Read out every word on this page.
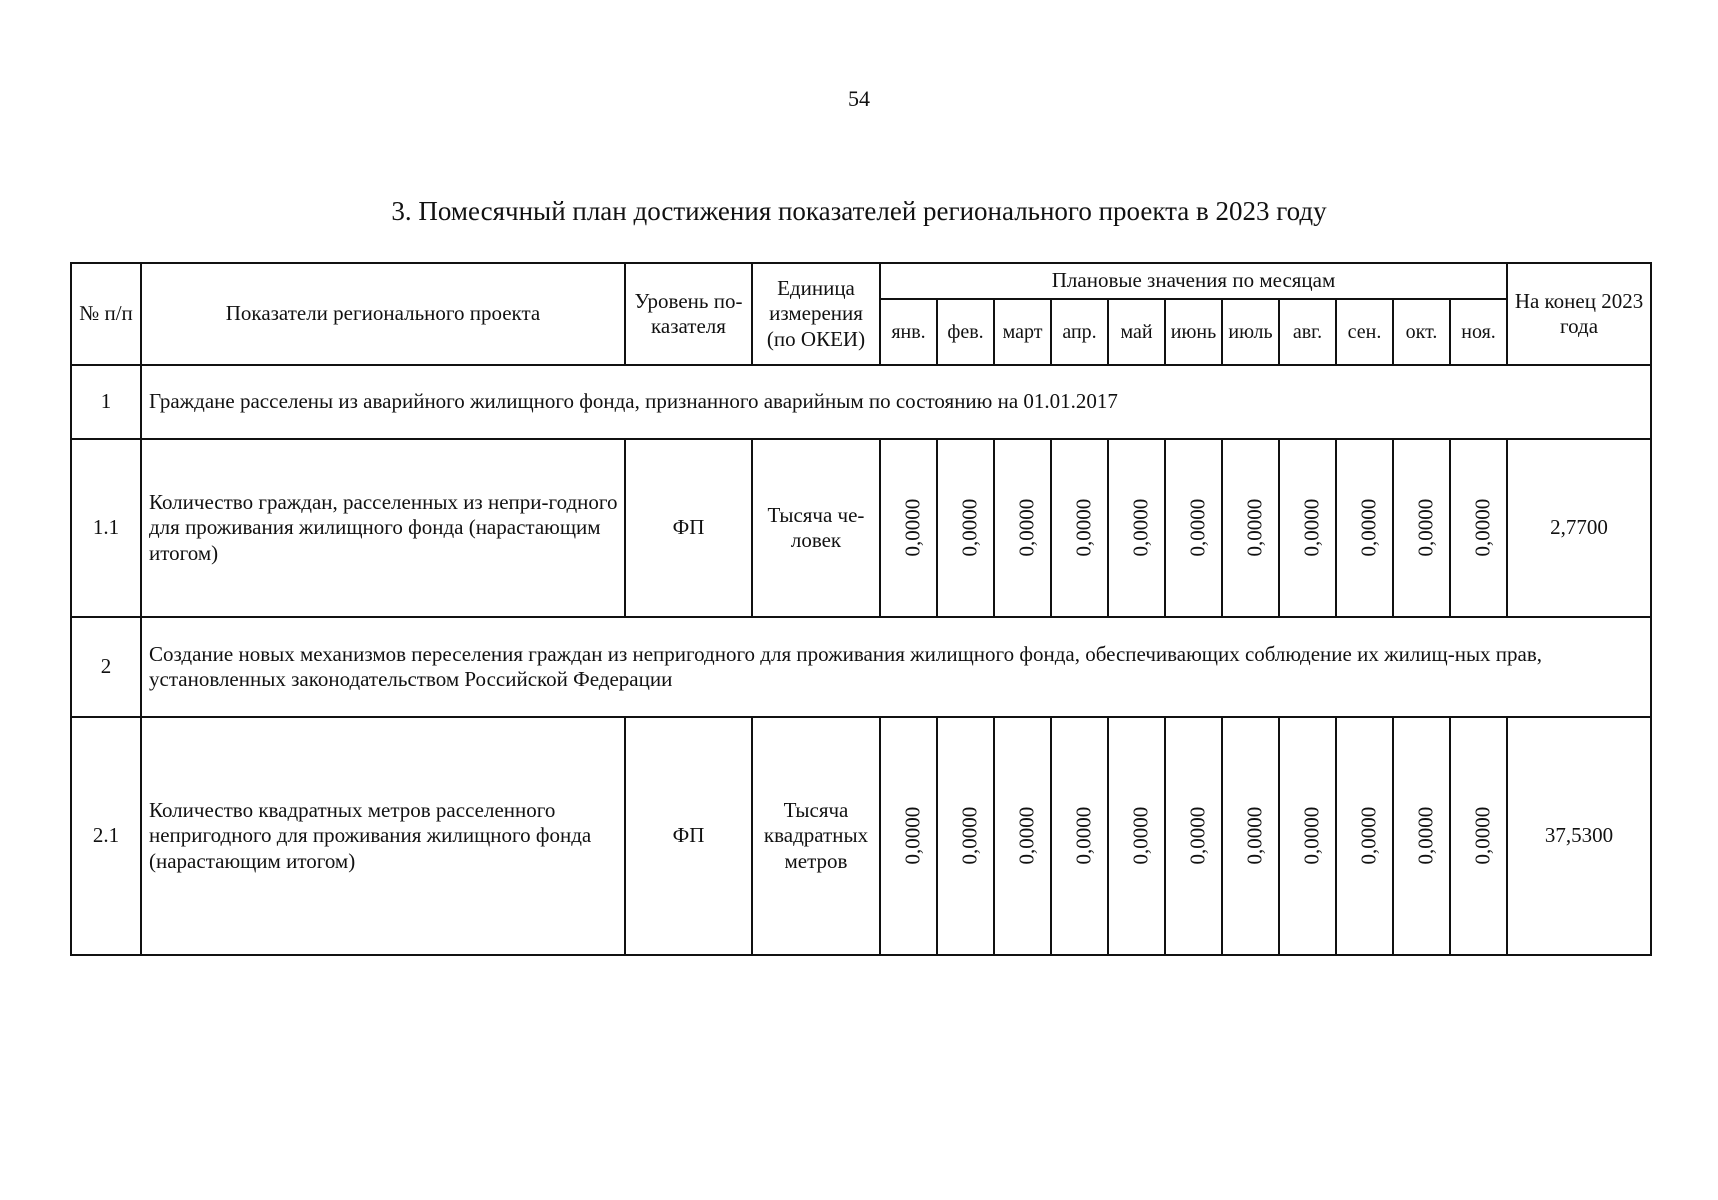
54
3. Помесячный план достижения показателей регионального проекта в 2023 году
№ п/п	Показатели регионального проекта	Уровень по-казателя	Единица измерения (по ОКЕИ)	Плановые значения по месяцам											На конец 2023 года
				янв.	фев.	март	апр.	май	июнь	июль	авг.	сен.	окт.	ноя.	
1	Граждане расселены из аварийного жилищного фонда, признанного аварийным по состоянию на 01.01.2017														
1.1	Количество граждан, расселенных из непри-годного для проживания жилищного фонда (нарастающим итогом)	ФП	Тысяча че-ловек	0,0000	0,0000	0,0000	0,0000	0,0000	0,0000	0,0000	0,0000	0,0000	0,0000	0,0000	2,7700
2	Создание новых механизмов переселения граждан из непригодного для проживания жилищного фонда, обеспечивающих соблюдение их жилищ-ных прав, установленных законодательством Российской Федерации														
2.1	Количество квадратных метров расселенного непригодного для проживания жилищного фонда (нарастающим итогом)	ФП	Тысяча квадратных метров	0,0000	0,0000	0,0000	0,0000	0,0000	0,0000	0,0000	0,0000	0,0000	0,0000	0,0000	37,5300
